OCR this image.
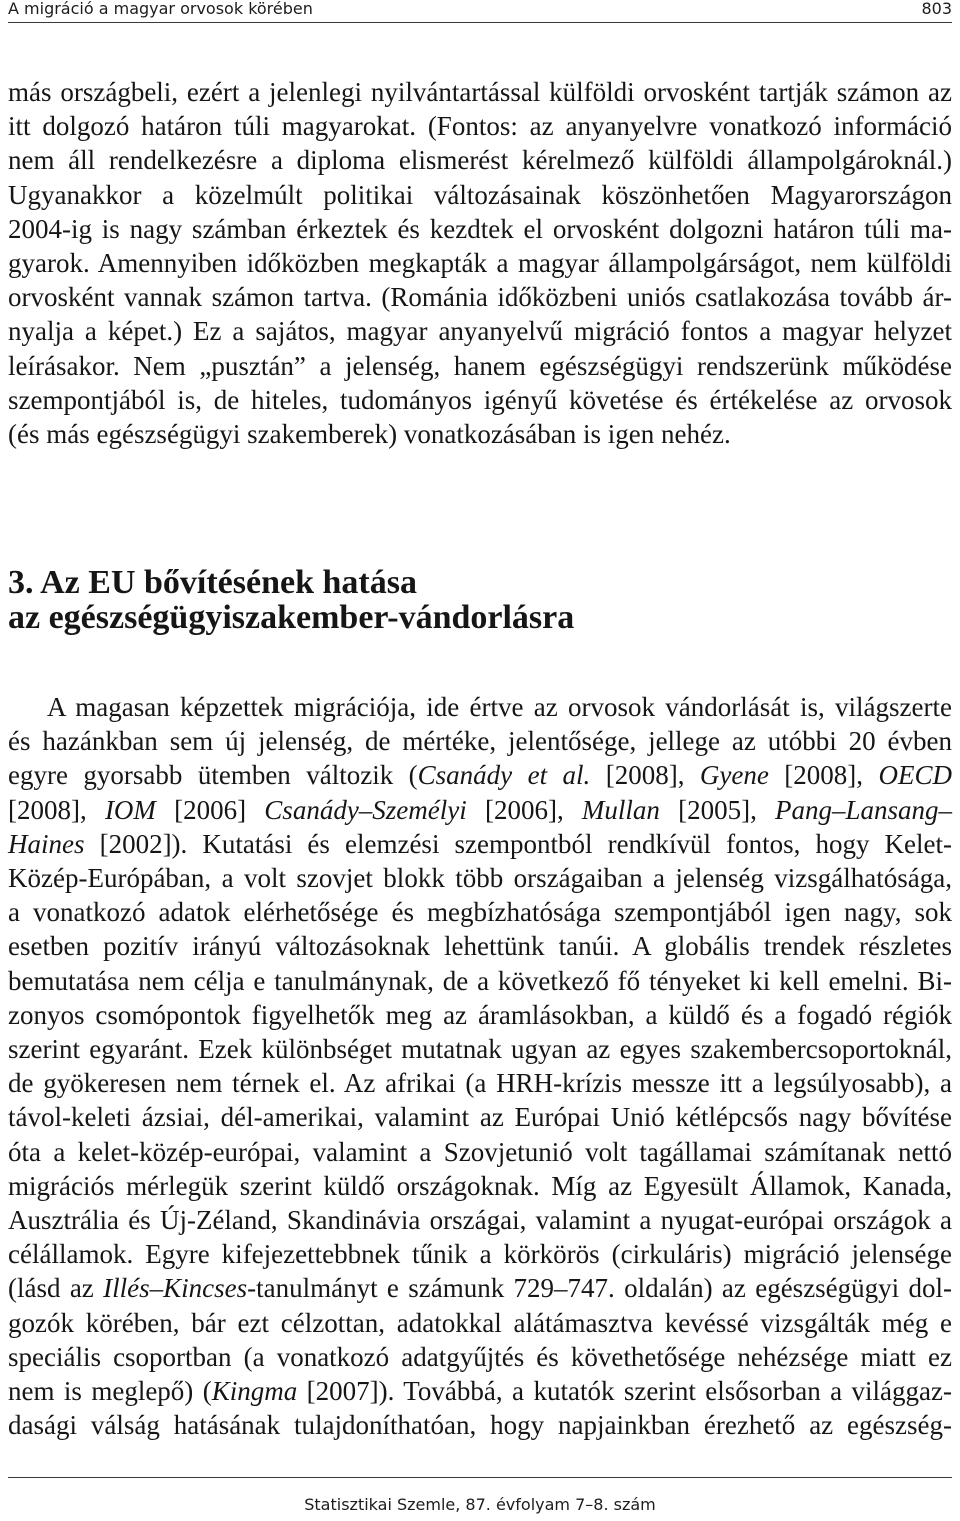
A migráció a magyar orvosok körében	803
más országbeli, ezért a jelenlegi nyilvántartással külföldi orvosként tartják számon az
itt dolgozó határon túli magyarokat. (Fontos: az anyanyelvre vonatkozó információ
nem áll rendelkezésre a diploma elismerést kérelmező külföldi állampolgároknál.)
Ugyanakkor a közelmúlt politikai változásainak köszönhetően Magyarországon
2004-ig is nagy számban érkeztek és kezdtek el orvosként dolgozni határon túli ma-
gyarok. Amennyiben időközben megkapták a magyar állampolgárságot, nem külföldi
orvosként vannak számon tartva. (Románia időközbeni uniós csatlakozása tovább ár-
nyalja a képet.) Ez a sajátos, magyar anyanyelvű migráció fontos a magyar helyzet
leírásakor. Nem „pusztán” a jelenség, hanem egészségügyi rendszerünk működése
szempontjából is, de hiteles, tudományos igényű követése és értékelése az orvosok
(és más egészségügyi szakemberek) vonatkozásában is igen nehéz.
3. Az EU bővítésének hatása
az egészségügyiszakember-vándorlásra
A magasan képzettek migrációja, ide értve az orvosok vándorlását is, világszerte
és hazánkban sem új jelenség, de mértéke, jelentősége, jellege az utóbbi 20 évben
egyre gyorsabb ütemben változik (Csanády et al. [2008], Gyene [2008], OECD
[2008], IOM [2006] Csanády–Személyi [2006], Mullan [2005], Pang–Lansang–
Haines [2002]). Kutatási és elemzési szempontból rendkívül fontos, hogy Kelet-
Közép-Európában, a volt szovjet blokk több országaiban a jelenség vizsgálhatósága,
a vonatkozó adatok elérhetősége és megbízhatósága szempontjából igen nagy, sok
esetben pozitív irányú változásoknak lehettünk tanúi. A globális trendek részletes
bemutatása nem célja e tanulmánynak, de a következő fő tényeket ki kell emelni. Bi-
zonyos csomópontok figyelhetők meg az áramlásokban, a küldő és a fogadó régiók
szerint egyaránt. Ezek különbséget mutatnak ugyan az egyes szakembercsoportoknál,
de gyökeresen nem térnek el. Az afrikai (a HRH-krízis messze itt a legsúlyosabb), a
távol-keleti ázsiai, dél-amerikai, valamint az Európai Unió kétlépcsős nagy bővítése
óta a kelet-közép-európai, valamint a Szovjetunió volt tagállamai számítanak nettó
migrációs mérlegük szerint küldő országoknak. Míg az Egyesült Államok, Kanada,
Ausztrália és Új-Zéland, Skandinávia országai, valamint a nyugat-európai országok a
célállamok. Egyre kifejezettebbnek tűnik a körkörös (cirkuláris) migráció jelensége
(lásd az Illés–Kincses-tanulmányt e számunk 729–747. oldalán) az egészségügyi dol-
gozók körében, bár ezt célzottan, adatokkal alátámasztva kevéssé vizsgálták még e
speciális csoportban (a vonatkozó adatgyűjtés és követhetősége nehézsége miatt ez
nem is meglepő) (Kingma [2007]). Továbbá, a kutatók szerint elsősorban a világgaz-
dasági válság hatásának tulajdoníthatóan, hogy napjainkban érezhető az egészség-
Statisztikai Szemle, 87. évfolyam 7–8. szám
